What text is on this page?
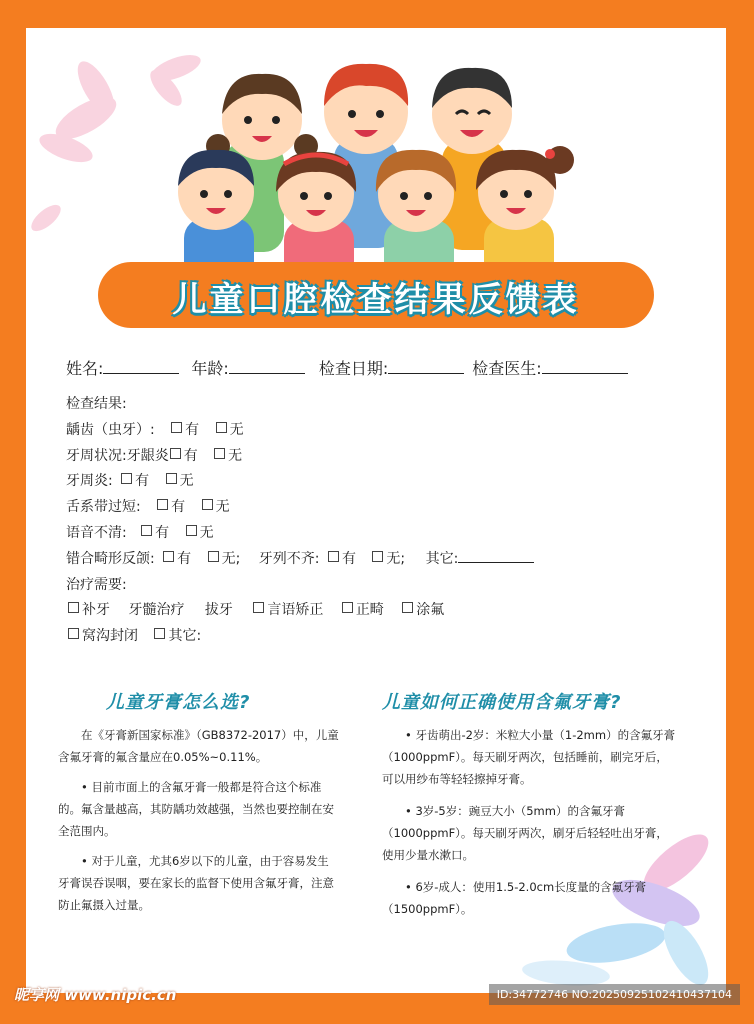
儿童口腔检查结果反馈表
姓名:	年龄:	检查日期:	检查医生:
检查结果:
龋齿（虫牙）: 有 无
牙周状况:牙龈炎 有 无
牙周炎: 有 无
舌系带过短: 有 无
语音不清: 有 无
错合畸形反颌: 有 无; 牙列不齐: 有 无; 其它:
治疗需要:
补牙 牙髓治疗 拔牙 言语矫正 正畸 涂氟
窝沟封闭 其它:
儿童牙膏怎么选?

在《牙膏新国家标准》（GB8372-2017）中，儿童含氟牙膏的氟含量应在0.05%~0.11%。

• 目前市面上的含氟牙膏一般都是符合这个标准的。氟含量越高，其防龋功效越强，当然也要控制在安全范围内。

• 对于儿童，尤其6岁以下的儿童，由于容易发生牙膏误吞误咽，要在家长的监督下使用含氟牙膏，注意防止氟摄入过量。

儿童如何正确使用含氟牙膏?

• 牙齿萌出-2岁：米粒大小量（1-2mm）的含氟牙膏（1000ppmF）。每天刷牙两次，包括睡前，刷完牙后，可以用纱布等轻轻擦掉牙膏。

• 3岁-5岁：豌豆大小（5mm）的含氟牙膏（1000ppmF）。每天刷牙两次，刷牙后轻轻吐出牙膏，使用少量水漱口。

• 6岁-成人：使用1.5-2.0cm长度量的含氟牙膏（1500ppmF）。

昵享网 www.nipic.cn	ID:34772746 NO:20250925102410437104
